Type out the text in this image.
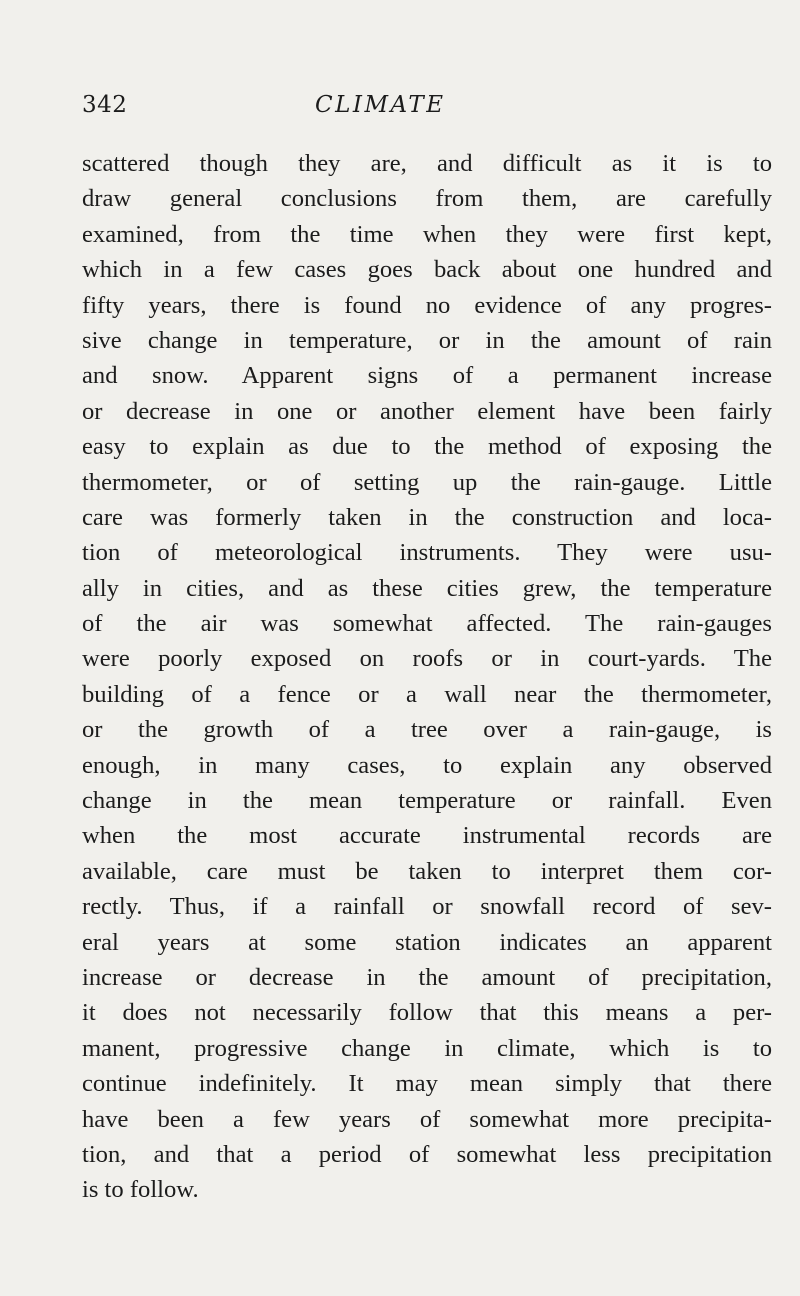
342	CLIMATE
scattered though they are, and difficult as it is to
draw general conclusions from them, are carefully
examined, from the time when they were first kept,
which in a few cases goes back about one hundred and
fifty years, there is found no evidence of any progres-
sive change in temperature, or in the amount of rain
and snow. Apparent signs of a permanent increase
or decrease in one or another element have been fairly
easy to explain as due to the method of exposing the
thermometer, or of setting up the rain-gauge. Little
care was formerly taken in the construction and loca-
tion of meteorological instruments. They were usu-
ally in cities, and as these cities grew, the temperature
of the air was somewhat affected. The rain-gauges
were poorly exposed on roofs or in court-yards. The
building of a fence or a wall near the thermometer,
or the growth of a tree over a rain-gauge, is
enough, in many cases, to explain any observed
change in the mean temperature or rainfall. Even
when the most accurate instrumental records are
available, care must be taken to interpret them cor-
rectly. Thus, if a rainfall or snowfall record of sev-
eral years at some station indicates an apparent
increase or decrease in the amount of precipitation,
it does not necessarily follow that this means a per-
manent, progressive change in climate, which is to
continue indefinitely. It may mean simply that there
have been a few years of somewhat more precipita-
tion, and that a period of somewhat less precipitation
is to follow.
